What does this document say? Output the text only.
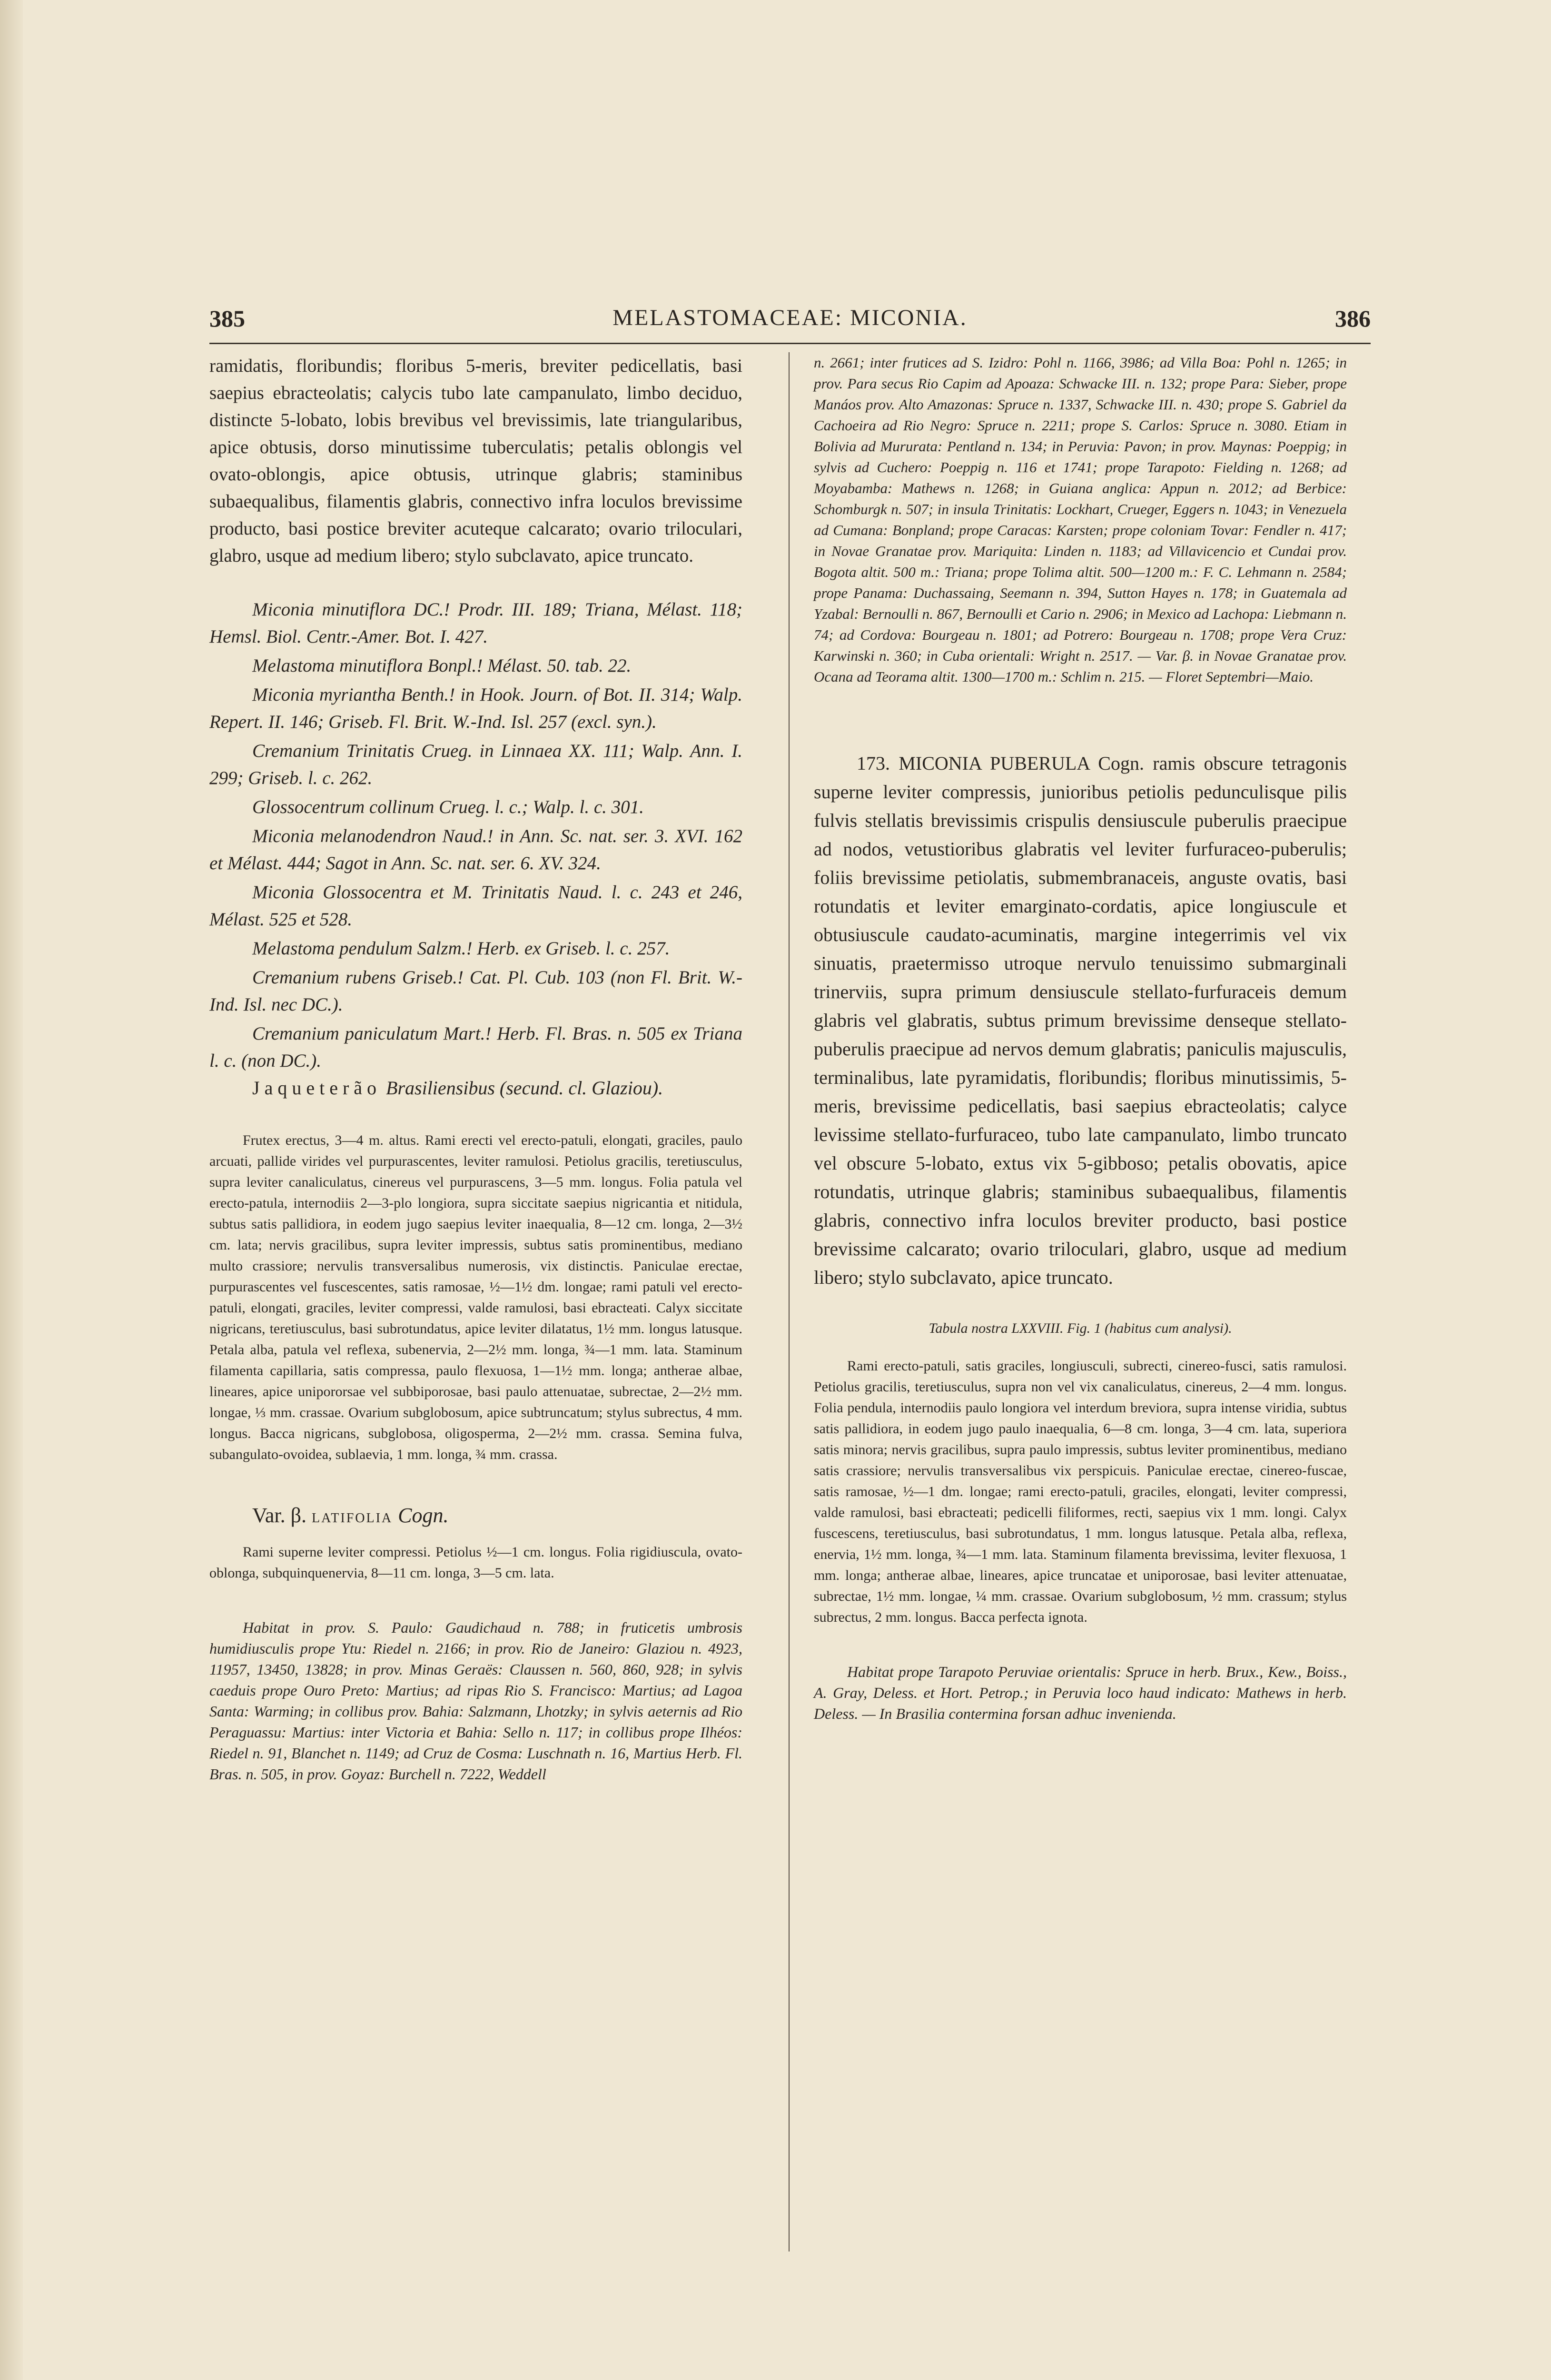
385	MELASTOMACEAE: MICONIA.	386

ramidatis, floribundis; floribus 5-meris, breviter pedicellatis, basi saepius ebracteolatis; calycis tubo late campanulato, limbo deciduo, distincte 5-lobato, lobis brevibus vel brevissimis, late triangularibus, apice obtusis, dorso minutissime tuberculatis; petalis oblongis vel ovato-oblongis, apice obtusis, utrinque glabris; staminibus subaequalibus, filamentis glabris, connectivo infra loculos brevissime producto, basi postice breviter acuteque calcarato; ovario triloculari, glabro, usque ad medium libero; stylo subclavato, apice truncato.

Miconia minutiflora DC.! Prodr. III. 189; Triana, Mélast. 118; Hemsl. Biol. Centr.-Amer. Bot. I. 427.

Melastoma minutiflora Bonpl.! Mélast. 50. tab. 22.

Miconia myriantha Benth.! in Hook. Journ. of Bot. II. 314; Walp. Repert. II. 146; Griseb. Fl. Brit. W.-Ind. Isl. 257 (excl. syn.).

Cremanium Trinitatis Crueg. in Linnaea XX. 111; Walp. Ann. I. 299; Griseb. l. c. 262.

Glossocentrum collinum Crueg. l. c.; Walp. l. c. 301.

Miconia melanodendron Naud.! in Ann. Sc. nat. ser. 3. XVI. 162 et Mélast. 444; Sagot in Ann. Sc. nat. ser. 6. XV. 324.

Miconia Glossocentra et M. Trinitatis Naud. l. c. 243 et 246, Mélast. 525 et 528.

Melastoma pendulum Salzm.! Herb. ex Griseb. l. c. 257.

Cremanium rubens Griseb.! Cat. Pl. Cub. 103 (non Fl. Brit. W.-Ind. Isl. nec DC.).

Cremanium paniculatum Mart.! Herb. Fl. Bras. n. 505 ex Triana l. c. (non DC.).

Jaqueterão Brasiliensibus (secund. cl. Glaziou).

Frutex erectus, 3—4 m. altus. Rami erecti vel erecto-patuli, elongati, graciles, paulo arcuati, pallide virides vel purpurascentes, leviter ramulosi. Petiolus gracilis, teretiusculus, supra leviter canaliculatus, cinereus vel purpurascens, 3—5 mm. longus. Folia patula vel erecto-patula, internodiis 2—3-plo longiora, supra siccitate saepius nigricantia et nitidula, subtus satis pallidiora, in eodem jugo saepius leviter inaequalia, 8—12 cm. longa, 2—3½ cm. lata; nervis gracilibus, supra leviter impressis, subtus satis prominentibus, mediano multo crassiore; nervulis transversalibus numerosis, vix distinctis. Paniculae erectae, purpurascentes vel fuscescentes, satis ramosae, ½—1½ dm. longae; rami patuli vel erecto-patuli, elongati, graciles, leviter compressi, valde ramulosi, basi ebracteati. Calyx siccitate nigricans, teretiusculus, basi subrotundatus, apice leviter dilatatus, 1½ mm. longus latusque. Petala alba, patula vel reflexa, subenervia, 2—2½ mm. longa, ¾—1 mm. lata. Staminum filamenta capillaria, satis compressa, paulo flexuosa, 1—1½ mm. longa; antherae albae, lineares, apice unipororsae vel subbiporosae, basi paulo attenuatae, subrectae, 2—2½ mm. longae, ⅓ mm. crassae. Ovarium subglobosum, apice subtruncatum; stylus subrectus, 4 mm. longus. Bacca nigricans, subglobosa, oligosperma, 2—2½ mm. crassa. Semina fulva, subangulato-ovoidea, sublaevia, 1 mm. longa, ¾ mm. crassa.

Var. β. LATIFOLIA Cogn.

Rami superne leviter compressi. Petiolus ½—1 cm. longus. Folia rigidiuscula, ovato-oblonga, subquinquenervia, 8—11 cm. longa, 3—5 cm. lata.

Habitat in prov. S. Paulo: Gaudichaud n. 788; in fruticetis umbrosis humidiusculis prope Ytu: Riedel n. 2166; in prov. Rio de Janeiro: Glaziou n. 4923, 11957, 13450, 13828; in prov. Minas Geraës: Claussen n. 560, 860, 928; in sylvis caeduis prope Ouro Preto: Martius; ad ripas Rio S. Francisco: Martius; ad Lagoa Santa: Warming; in collibus prov. Bahia: Salzmann, Lhotzky; in sylvis aeternis ad Rio Peraguassu: Martius: inter Victoria et Bahia: Sello n. 117; in collibus prope Ilhéos: Riedel n. 91, Blanchet n. 1149; ad Cruz de Cosma: Luschnath n. 16, Martius Herb. Fl. Bras. n. 505, in prov. Goyaz: Burchell n. 7222, Weddell

n. 2661; inter frutices ad S. Izidro: Pohl n. 1166, 3986; ad Villa Boa: Pohl n. 1265; in prov. Para secus Rio Capim ad Apoaza: Schwacke III. n. 132; prope Para: Sieber, prope Manáos prov. Alto Amazonas: Spruce n. 1337, Schwacke III. n. 430; prope S. Gabriel da Cachoeira ad Rio Negro: Spruce n. 2211; prope S. Carlos: Spruce n. 3080. Etiam in Bolivia ad Mururata: Pentland n. 134; in Peruvia: Pavon; in prov. Maynas: Poeppig; in sylvis ad Cuchero: Poeppig n. 116 et 1741; prope Tarapoto: Fielding n. 1268; ad Moyabamba: Mathews n. 1268; in Guiana anglica: Appun n. 2012; ad Berbice: Schomburgk n. 507; in insula Trinitatis: Lockhart, Crueger, Eggers n. 1043; in Venezuela ad Cumana: Bonpland; prope Caracas: Karsten; prope coloniam Tovar: Fendler n. 417; in Novae Granatae prov. Mariquita: Linden n. 1183; ad Villavicencio et Cundai prov. Bogota altit. 500 m.: Triana; prope Tolima altit. 500—1200 m.: F. C. Lehmann n. 2584; prope Panama: Duchassaing, Seemann n. 394, Sutton Hayes n. 178; in Guatemala ad Yzabal: Bernoulli n. 867, Bernoulli et Cario n. 2906; in Mexico ad Lachopa: Liebmann n. 74; ad Cordova: Bourgeau n. 1801; ad Potrero: Bourgeau n. 1708; prope Vera Cruz: Karwinski n. 360; in Cuba orientali: Wright n. 2517. — Var. β. in Novae Granatae prov. Ocana ad Teorama altit. 1300—1700 m.: Schlim n. 215. — Floret Septembri—Maio.

173. MICONIA PUBERULA Cogn. ramis obscure tetragonis superne leviter compressis, junioribus petiolis pedunculisque pilis fulvis stellatis brevissimis crispulis densiuscule puberulis praecipue ad nodos, vetustioribus glabratis vel leviter furfuraceo-puberulis; foliis brevissime petiolatis, submembranaceis, anguste ovatis, basi rotundatis et leviter emarginato-cordatis, apice longiuscule et obtusiuscule caudato-acuminatis, margine integerrimis vel vix sinuatis, praetermisso utroque nervulo tenuissimo submarginali trinerviis, supra primum densiuscule stellato-furfuraceis demum glabris vel glabratis, subtus primum brevissime denseque stellato-puberulis praecipue ad nervos demum glabratis; paniculis majusculis, terminalibus, late pyramidatis, floribundis; floribus minutissimis, 5-meris, brevissime pedicellatis, basi saepius ebracteolatis; calyce levissime stellato-furfuraceo, tubo late campanulato, limbo truncato vel obscure 5-lobato, extus vix 5-gibboso; petalis obovatis, apice rotundatis, utrinque glabris; staminibus subaequalibus, filamentis glabris, connectivo infra loculos breviter producto, basi postice brevissime calcarato; ovario triloculari, glabro, usque ad medium libero; stylo subclavato, apice truncato.

Tabula nostra LXXVIII. Fig. 1 (habitus cum analysi).

Rami erecto-patuli, satis graciles, longiusculi, subrecti, cinereo-fusci, satis ramulosi. Petiolus gracilis, teretiusculus, supra non vel vix canaliculatus, cinereus, 2—4 mm. longus. Folia pendula, internodiis paulo longiora vel interdum breviora, supra intense viridia, subtus satis pallidiora, in eodem jugo paulo inaequalia, 6—8 cm. longa, 3—4 cm. lata, superiora satis minora; nervis gracilibus, supra paulo impressis, subtus leviter prominentibus, mediano satis crassiore; nervulis transversalibus vix perspicuis. Paniculae erectae, cinereo-fuscae, satis ramosae, ½—1 dm. longae; rami erecto-patuli, graciles, elongati, leviter compressi, valde ramulosi, basi ebracteati; pedicelli filiformes, recti, saepius vix 1 mm. longi. Calyx fuscescens, teretiusculus, basi subrotundatus, 1 mm. longus latusque. Petala alba, reflexa, enervia, 1½ mm. longa, ¾—1 mm. lata. Staminum filamenta brevissima, leviter flexuosa, 1 mm. longa; antherae albae, lineares, apice truncatae et uniporosae, basi leviter attenuatae, subrectae, 1½ mm. longae, ¼ mm. crassae. Ovarium subglobosum, ½ mm. crassum; stylus subrectus, 2 mm. longus. Bacca perfecta ignota.

Habitat prope Tarapoto Peruviae orientalis: Spruce in herb. Brux., Kew., Boiss., A. Gray, Deless. et Hort. Petrop.; in Peruvia loco haud indicato: Mathews in herb. Deless. — In Brasilia contermina forsan adhuc invenienda.
